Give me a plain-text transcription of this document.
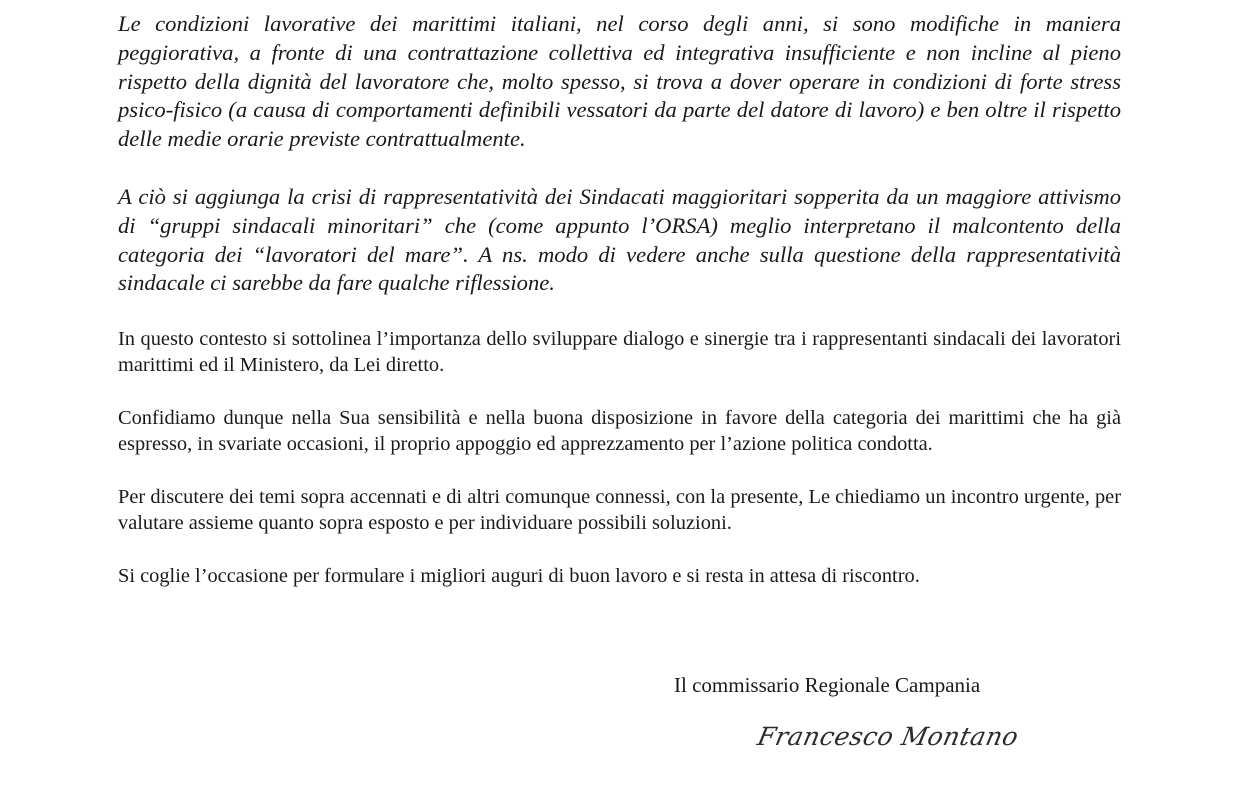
Le condizioni lavorative dei marittimi italiani, nel corso degli anni, si sono modifiche in maniera peggiorativa, a fronte di una contrattazione collettiva ed integrativa insufficiente e non incline al pieno rispetto della dignità del lavoratore che, molto spesso, si trova a dover operare in condizioni di forte stress psico-fisico (a causa di comportamenti definibili vessatori da parte del datore di lavoro) e ben oltre il rispetto delle medie orarie previste contrattualmente.

A ciò si aggiunga la crisi di rappresentatività dei Sindacati maggioritari sopperita da un maggiore attivismo di “gruppi sindacali minoritari” che (come appunto l’ORSA) meglio interpretano il malcontento della categoria dei “lavoratori del mare”. A ns. modo di vedere anche sulla questione della rappresentatività sindacale ci sarebbe da fare qualche riflessione.

In questo contesto si sottolinea l’importanza dello sviluppare dialogo e sinergie tra i rappresentanti sindacali dei lavoratori marittimi ed il Ministero, da Lei diretto.

Confidiamo dunque nella Sua sensibilità e nella buona disposizione in favore della categoria dei marittimi che ha già espresso, in svariate occasioni, il proprio appoggio ed apprezzamento per l’azione politica condotta.

Per discutere dei temi sopra accennati e di altri comunque connessi, con la presente, Le chiediamo un incontro urgente, per valutare assieme quanto sopra esposto e per individuare possibili soluzioni.

Si coglie l’occasione per formulare i migliori auguri di buon lavoro e si resta in attesa di riscontro.

Il commissario Regionale Campania

Francesco Montano
